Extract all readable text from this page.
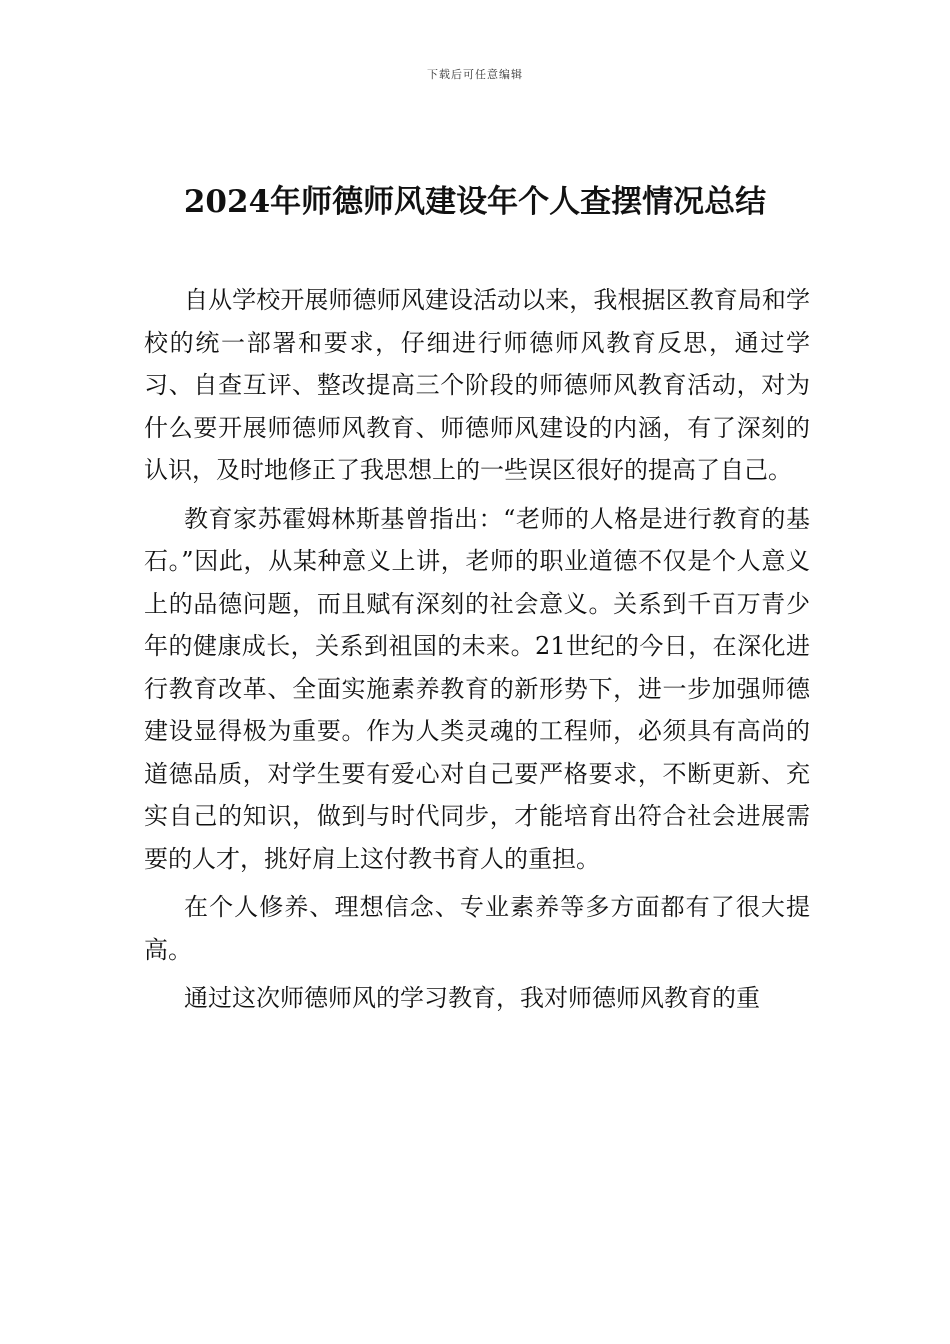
下载后可任意编辑
2024年师德师风建设年个人查摆情况总结

自从学校开展师德师风建设活动以来，我根据区教育局和学校的统一部署和要求，仔细进行师德师风教育反思，通过学习、自查互评、整改提高三个阶段的师德师风教育活动，对为什么要开展师德师风教育、师德师风建设的内涵，有了深刻的认识，及时地修正了我思想上的一些误区很好的提高了自己。

教育家苏霍姆林斯基曾指出：“老师的人格是进行教育的基石。”因此，从某种意义上讲，老师的职业道德不仅是个人意义上的品德问题，而且赋有深刻的社会意义。关系到千百万青少年的健康成长，关系到祖国的未来。21世纪的今日，在深化进行教育改革、全面实施素养教育的新形势下，进一步加强师德建设显得极为重要。作为人类灵魂的工程师，必须具有高尚的道德品质，对学生要有爱心对自己要严格要求，不断更新、充实自己的知识，做到与时代同步，才能培育出符合社会进展需要的人才，挑好肩上这付教书育人的重担。

在个人修养、理想信念、专业素养等多方面都有了很大提高。

通过这次师德师风的学习教育，我对师德师风教育的重
